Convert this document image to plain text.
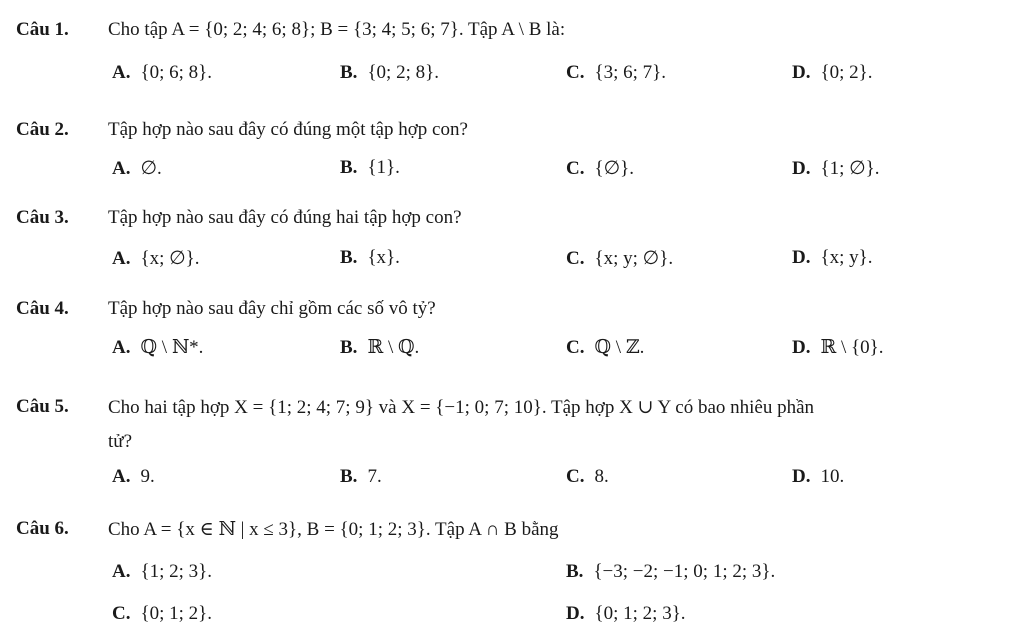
Câu 1. Cho tập A = {0; 2; 4; 6; 8}; B = {3; 4; 5; 6; 7}. Tập A \ B là:
A. {0; 6; 8}.	B. {0; 2; 8}.	C. {3; 6; 7}.	D. {0; 2}.
Câu 2. Tập hợp nào sau đây có đúng một tập hợp con?
A. ∅.	B. {1}.	C. {∅}.	D. {1; ∅}.
Câu 3. Tập hợp nào sau đây có đúng hai tập hợp con?
A. {x; ∅}.	B. {x}.	C. {x; y; ∅}.	D. {x; y}.
Câu 4. Tập hợp nào sau đây chỉ gồm các số vô tỷ?
A. ℚ \ ℕ*.	B. ℝ \ ℚ.	C. ℚ \ ℤ.	D. ℝ \ {0}.
Câu 5. Cho hai tập hợp X = {1; 2; 4; 7; 9} và X = {−1; 0; 7; 10}. Tập hợp X ∪ Y có bao nhiêu phần
tử?
A. 9.	B. 7.	C. 8.	D. 10.
Câu 6. Cho A = {x ∈ ℕ | x ≤ 3}, B = {0; 1; 2; 3}. Tập A ∩ B bằng
A. {1; 2; 3}.	B. {−3; −2; −1; 0; 1; 2; 3}.
C. {0; 1; 2}.	D. {0; 1; 2; 3}.
